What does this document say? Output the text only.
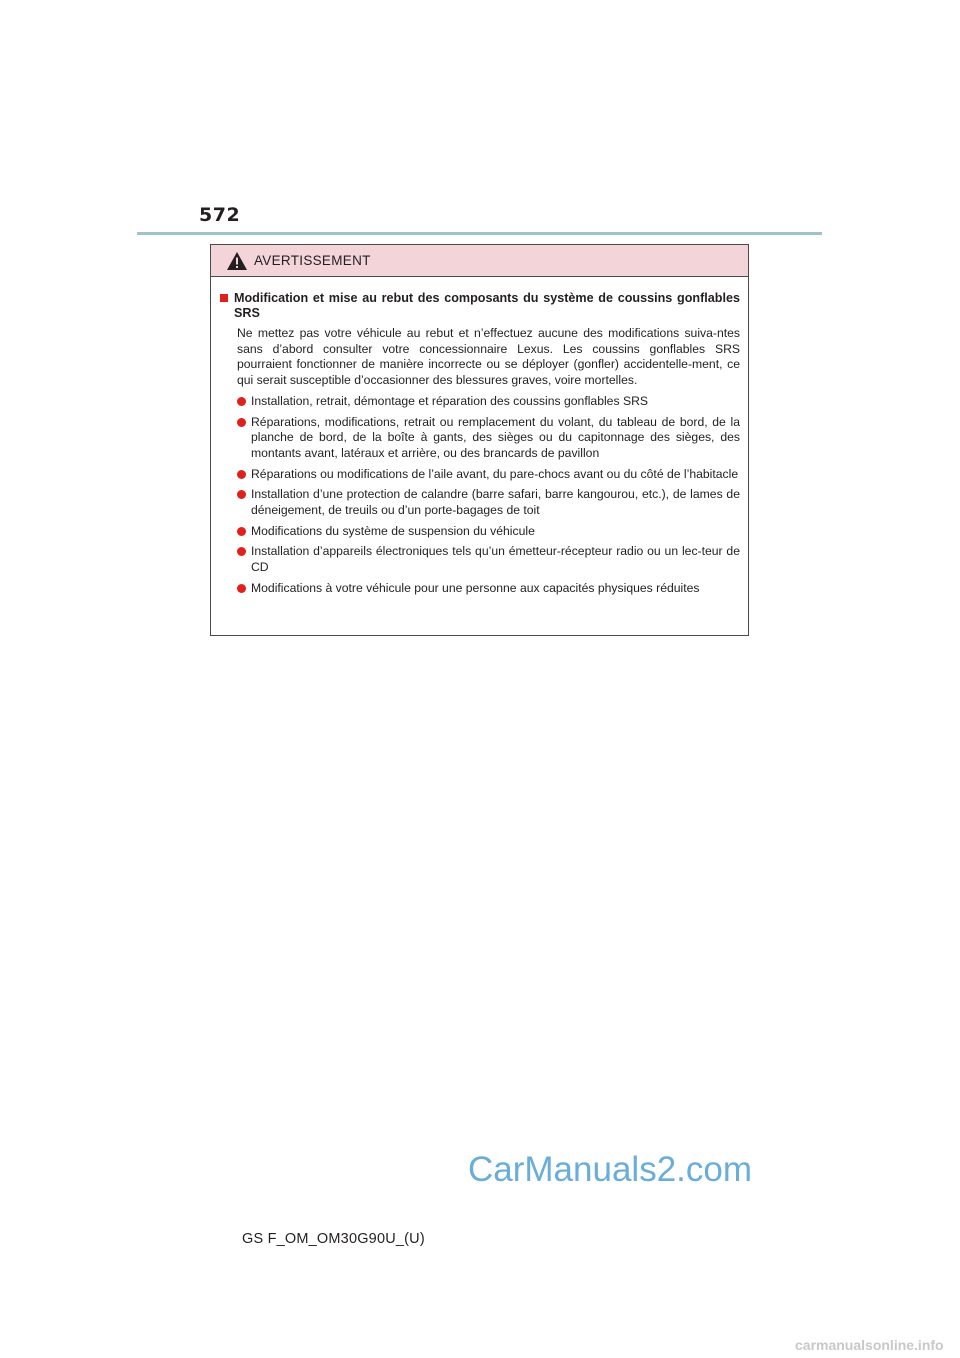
572
AVERTISSEMENT
Modification et mise au rebut des composants du système de coussins gonflables SRS

Ne mettez pas votre véhicule au rebut et n’effectuez aucune des modifications suiva-ntes sans d’abord consulter votre concessionnaire Lexus. Les coussins gonflables SRS pourraient fonctionner de manière incorrecte ou se déployer (gonfler) accidentelle-ment, ce qui serait susceptible d’occasionner des blessures graves, voire mortelles.

Installation, retrait, démontage et réparation des coussins gonflables SRS
Réparations, modifications, retrait ou remplacement du volant, du tableau de bord, de la planche de bord, de la boîte à gants, des sièges ou du capitonnage des sièges, des montants avant, latéraux et arrière, ou des brancards de pavillon
Réparations ou modifications de l’aile avant, du pare-chocs avant ou du côté de l’habitacle
Installation d’une protection de calandre (barre safari, barre kangourou, etc.), de lames de déneigement, de treuils ou d’un porte-bagages de toit
Modifications du système de suspension du véhicule
Installation d’appareils électroniques tels qu’un émetteur-récepteur radio ou un lec-teur de CD
Modifications à votre véhicule pour une personne aux capacités physiques réduites
CarManuals2.com
GS F_OM_OM30G90U_(U)
carmanualsonline.info
